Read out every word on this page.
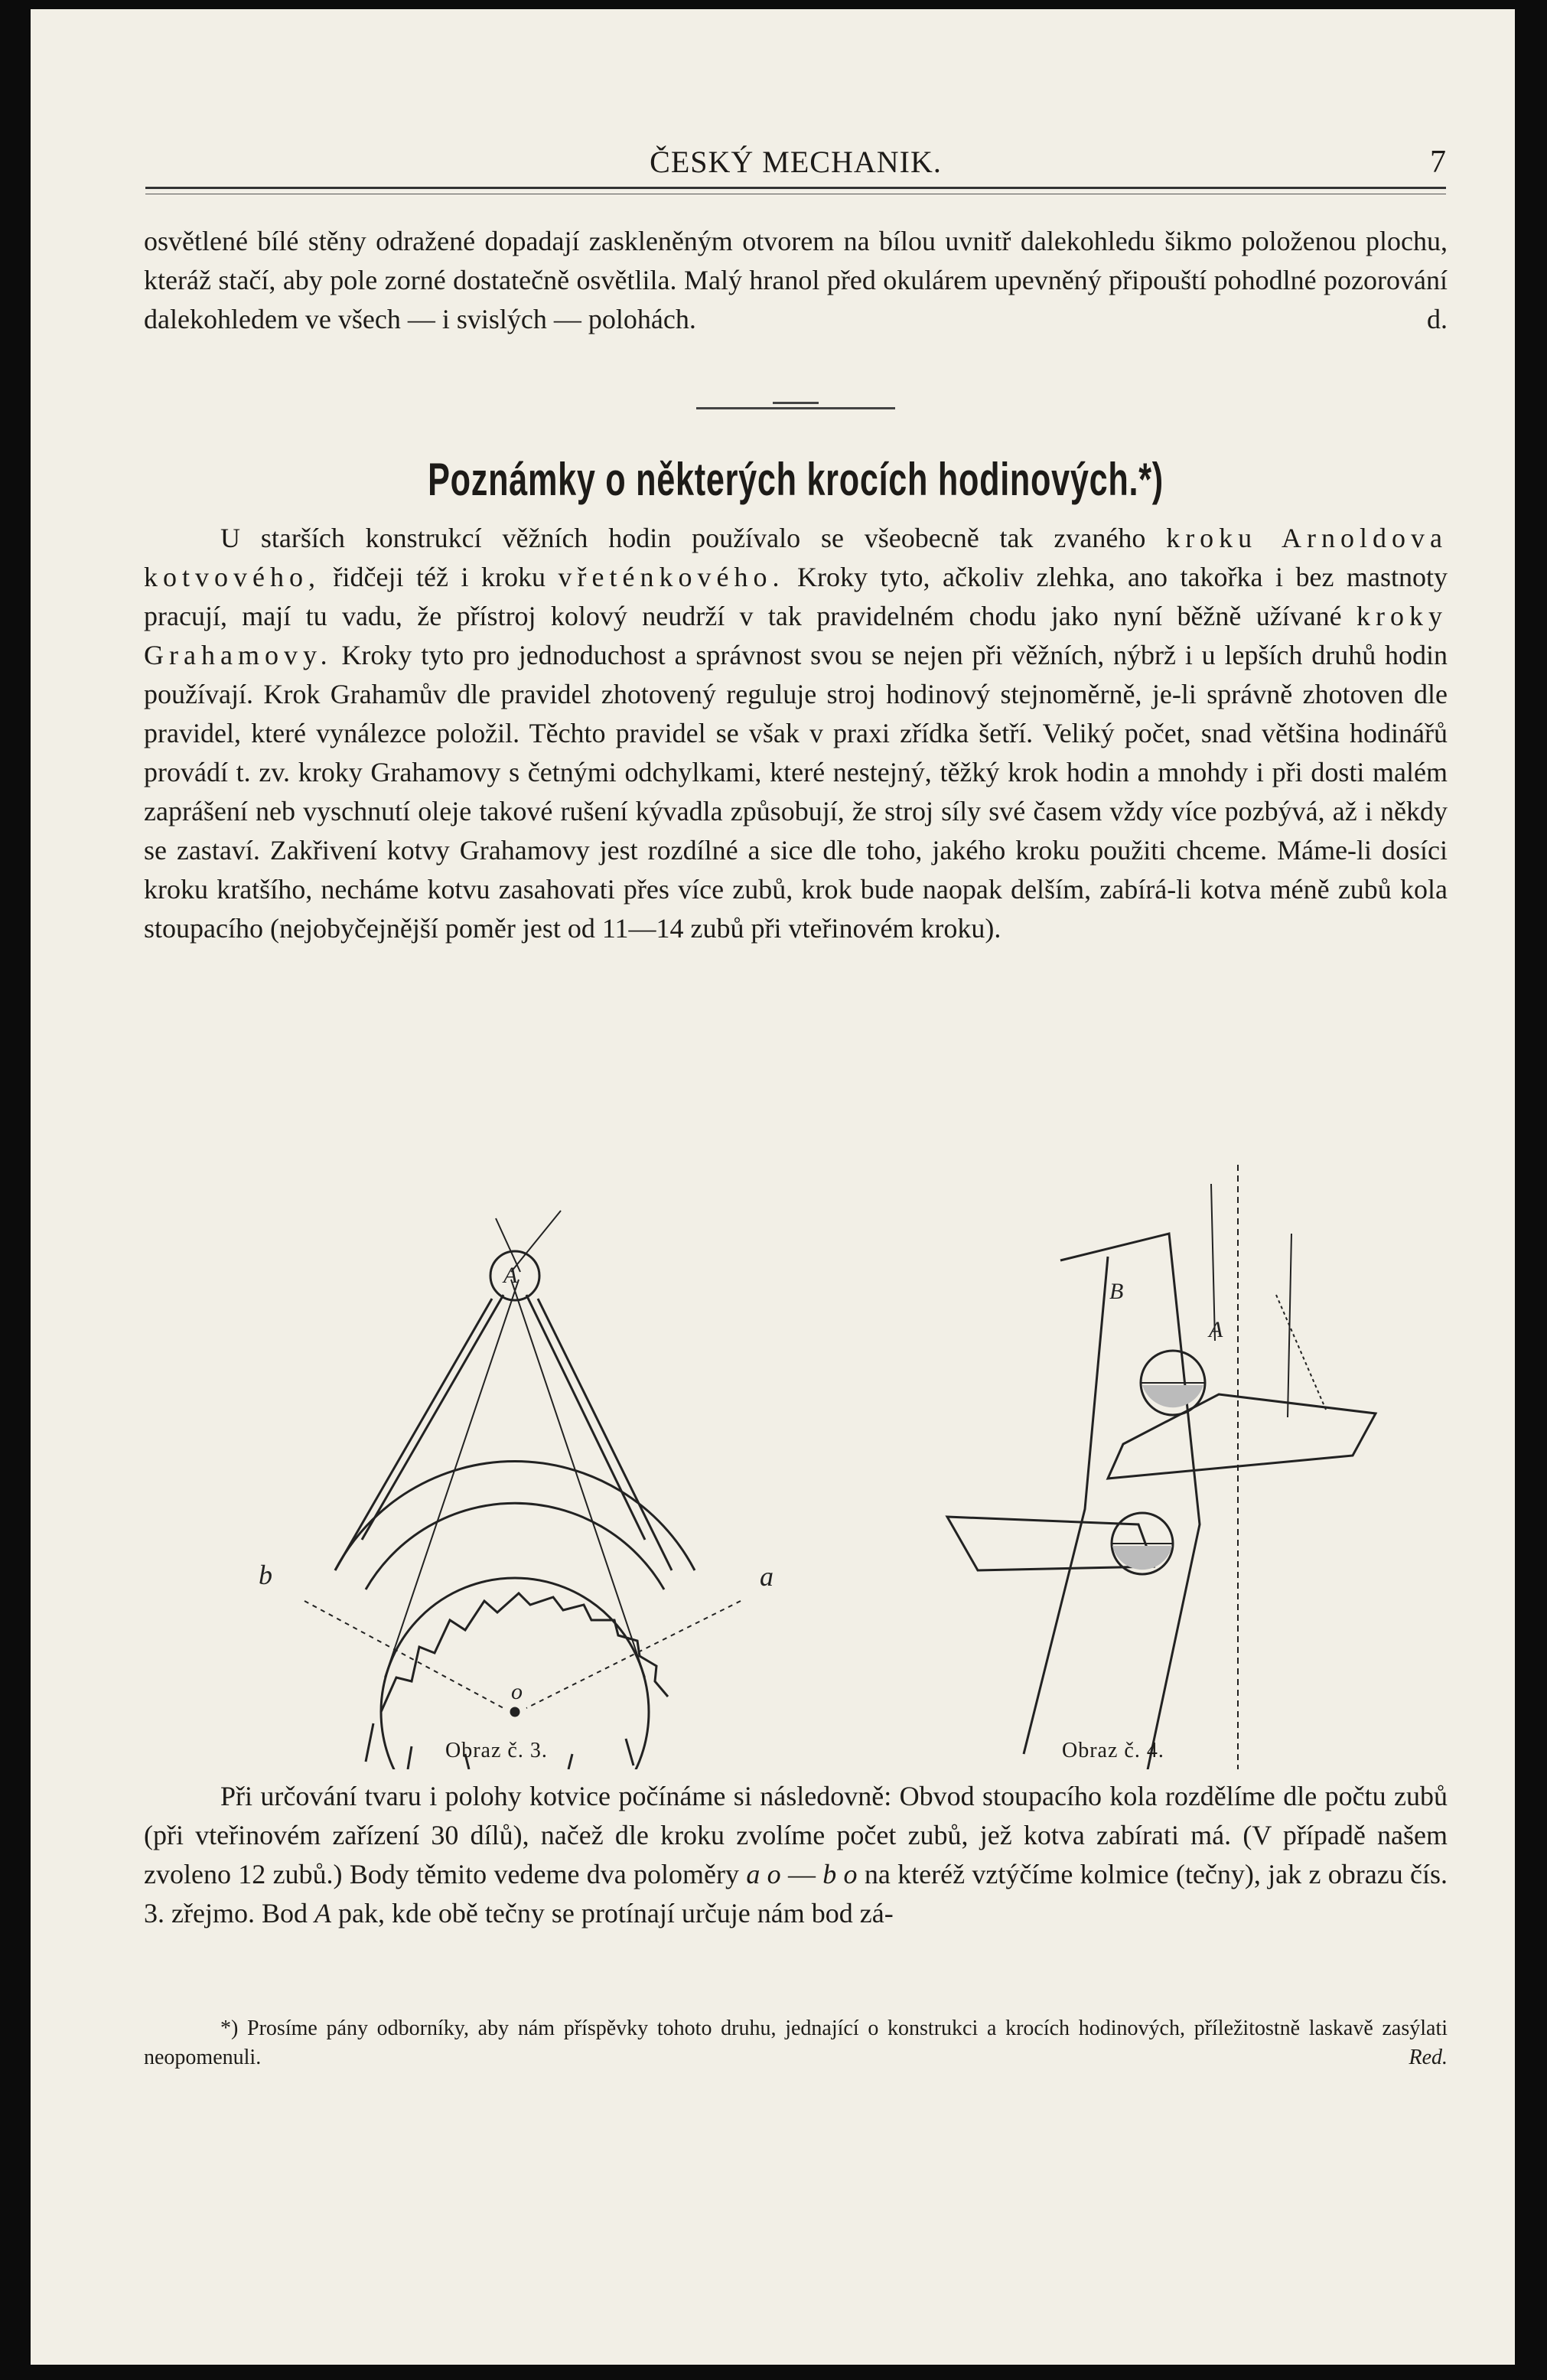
ČESKÝ MECHANIK.	7
osvětlené bílé stěny odražené dopadají zaskleněným otvorem na bílou uvnitř dalekohledu šikmo položenou plochu, kteráž stačí, aby pole zorné dostatečně osvětlila. Malý hranol před okulárem upevněný připouští pohodlné pozorování dalekohledem ve všech — i svislých — polohách.	d.
Poznámky o některých krocích hodinových.*)
U starších konstrukcí věžních hodin používalo se všeobecně tak zvaného kroku Arnoldova kotvového, řidčeji též i kroku vřeténkového. Kroky tyto, ačkoliv zlehka, ano takořka i bez mastnoty pracují, mají tu vadu, že přístroj kolový neudrží v tak pravidelném chodu jako nyní běžně užívané kroky Grahamovy. Kroky tyto pro jednoduchost a správnost svou se nejen při věžních, nýbrž i u lepších druhů hodin používají. Krok Grahamův dle pravidel zhotovený reguluje stroj hodinový stejnoměrně, je-li správně zhotoven dle pravidel, které vynálezce položil. Těchto pravidel se však v praxi zřídka šetří. Veliký počet, snad většina hodinářů provádí t. zv. kroky Grahamovy s četnými odchylkami, které nestejný, těžký krok hodin a mnohdy i při dosti malém zaprášení neb vyschnutí oleje takové rušení kývadla způsobují, že stroj síly své časem vždy více pozbývá, až i někdy se zastaví. Zakřivení kotvy Grahamovy jest rozdílné a sice dle toho, jakého kroku použiti chceme. Máme-li dosíci kroku kratšího, necháme kotvu zasahovati přes více zubů, krok bude naopak delším, zabírá-li kotva méně zubů kola stoupacího (nejobyčejnější poměr jest od 11—14 zubů při vteřinovém kroku).
A
a
b
o
B
A
Obraz č. 3.	Obraz č. 4.
Při určování tvaru i polohy kotvice počínáme si následovně: Obvod stoupacího kola rozdělíme dle počtu zubů (při vteřinovém zařízení 30 dílů), načež dle kroku zvolíme počet zubů, jež kotva zabírati má. (V případě našem zvoleno 12 zubů.) Body těmito vedeme dva poloměry a o — b o na kteréž vztýčíme kolmice (tečny), jak z obrazu čís. 3. zřejmo. Bod A pak, kde obě tečny se protínají určuje nám bod zá-
*) Prosíme pány odborníky, aby nám příspěvky tohoto druhu, jednající o konstrukci a krocích hodinových, příležitostně laskavě zasýlati neopomenuli.	Red.
